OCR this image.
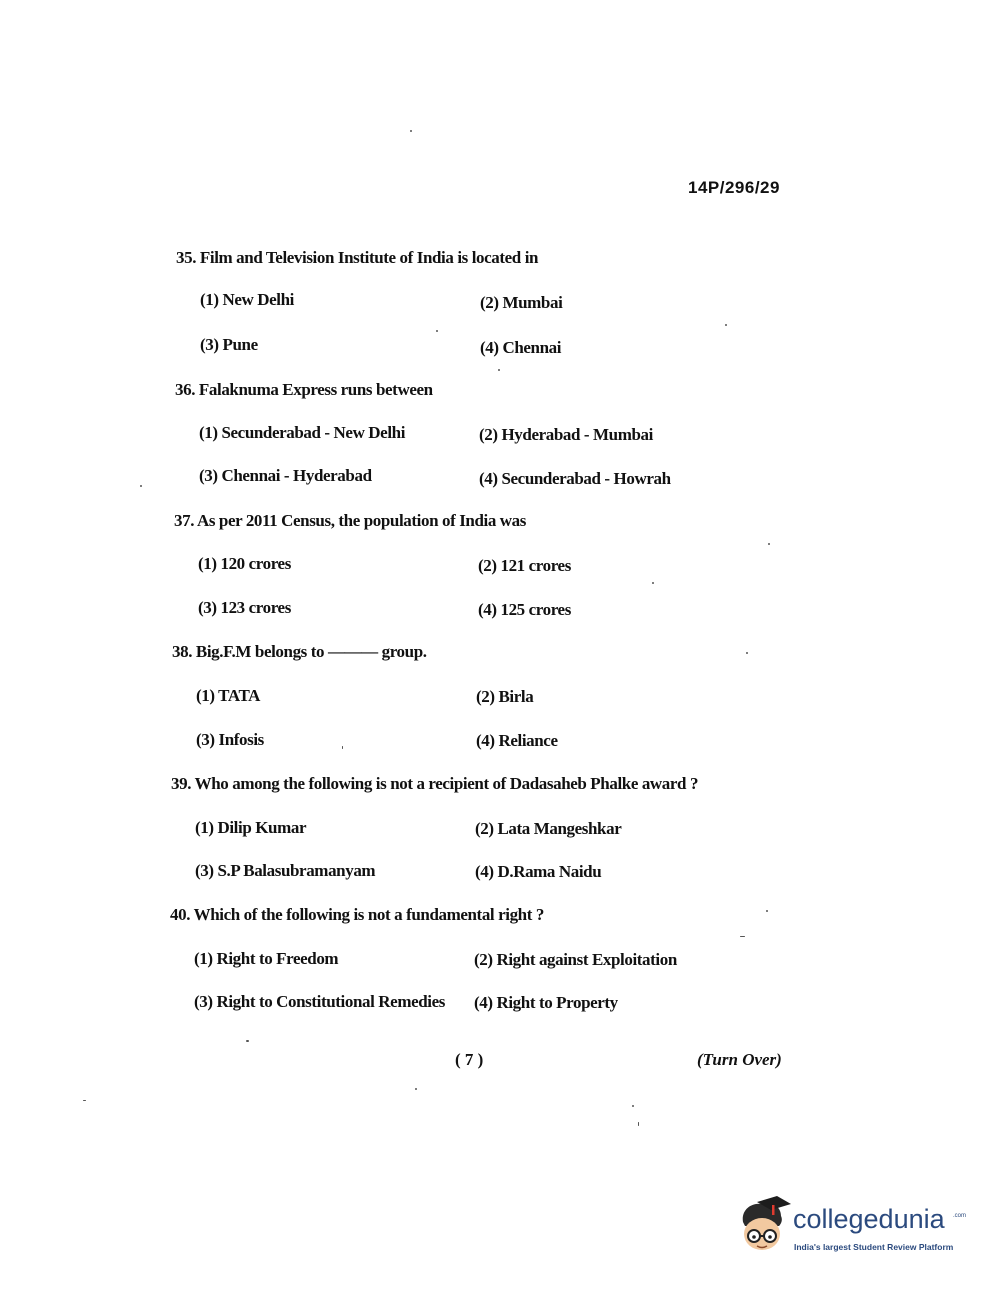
14P/296/29
35. Film and Television Institute of India is located in
(1) New Delhi	(2) Mumbai
(3) Pune	(4) Chennai
36. Falaknuma Express runs between
(1) Secunderabad - New Delhi	(2) Hyderabad - Mumbai
(3) Chennai - Hyderabad	(4) Secunderabad - Howrah
37. As per 2011 Census, the population of India was
(1) 120 crores	(2) 121 crores
(3) 123 crores	(4) 125 crores
38. Big.F.M belongs to ——— group.
(1) TATA	(2) Birla
(3) Infosis	(4) Reliance
39. Who among the following is not a recipient of Dadasaheb Phalke award ?
(1) Dilip Kumar	(2) Lata Mangeshkar
(3) S.P Balasubramanyam	(4) D.Rama Naidu
40. Which of the following is not a fundamental right ?
(1) Right to Freedom	(2) Right against Exploitation
(3) Right to Constitutional Remedies (4) Right to Property
( 7 )	(Turn Over)
collegedunia .com
India's largest Student Review Platform
